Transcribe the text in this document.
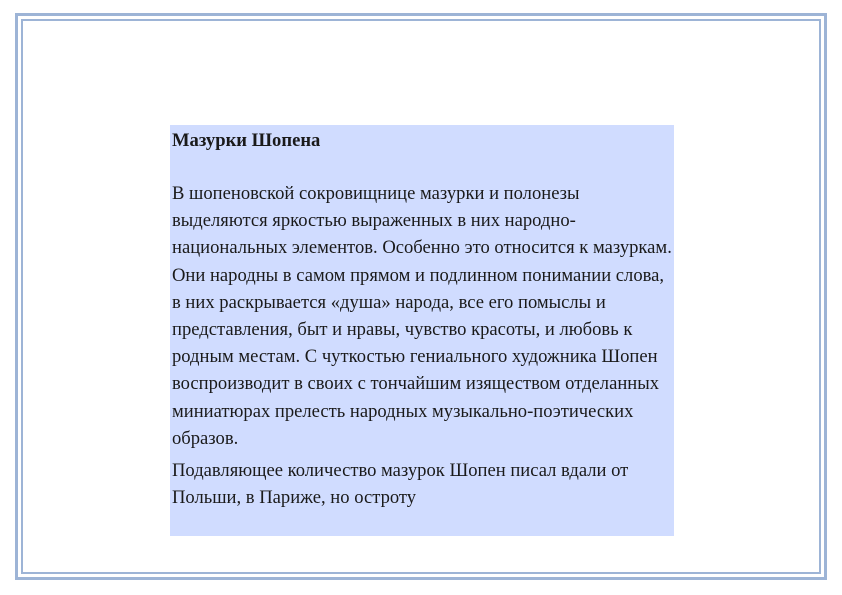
Мазурки Шопена

В шопеновской сокровищнице мазурки и полонезы выделяются яркостью выраженных в них народно-национальных элементов. Особенно это относится к мазуркам. Они народны в самом прямом и подлинном понимании слова, в них раскрывается «душа» народа, все его помыслы и представления, быт и нравы, чувство красоты, и любовь к родным местам. С чуткостью гениального художника Шопен воспроизводит в своих с тончайшим изяществом отделанных миниатюрах прелесть народных музыкально-поэтических образов.

Подавляющее количество мазурок Шопен писал вдали от Польши, в Париже, но остроту
